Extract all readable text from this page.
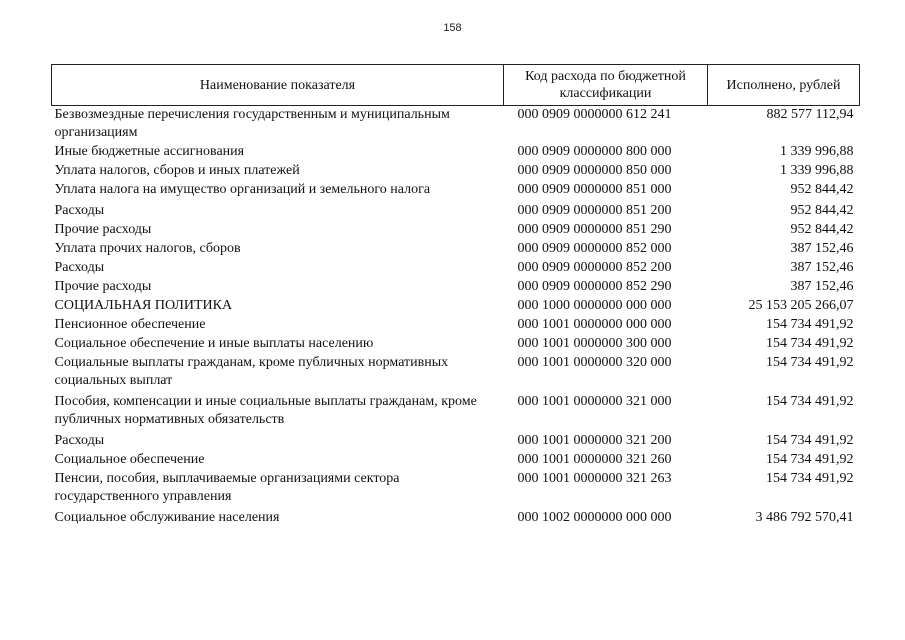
158
Наименование показателя	Код расхода по бюджетной классификации	Исполнено, рублей
Безвозмездные перечисления государственным и муниципальным организациям	000 0909 0000000 612 241	882 577 112,94
Иные бюджетные ассигнования	000 0909 0000000 800 000	1 339 996,88
Уплата налогов, сборов и иных платежей	000 0909 0000000 850 000	1 339 996,88
Уплата налога на имущество организаций и земельного налога	000 0909 0000000 851 000	952 844,42
Расходы	000 0909 0000000 851 200	952 844,42
Прочие расходы	000 0909 0000000 851 290	952 844,42
Уплата прочих налогов, сборов	000 0909 0000000 852 000	387 152,46
Расходы	000 0909 0000000 852 200	387 152,46
Прочие расходы	000 0909 0000000 852 290	387 152,46
СОЦИАЛЬНАЯ ПОЛИТИКА	000 1000 0000000 000 000	25 153 205 266,07
Пенсионное обеспечение	000 1001 0000000 000 000	154 734 491,92
Социальное обеспечение и иные выплаты населению	000 1001 0000000 300 000	154 734 491,92
Социальные выплаты гражданам, кроме публичных нормативных социальных выплат	000 1001 0000000 320 000	154 734 491,92
Пособия, компенсации и иные социальные выплаты гражданам, кроме публичных нормативных обязательств	000 1001 0000000 321 000	154 734 491,92
Расходы	000 1001 0000000 321 200	154 734 491,92
Социальное обеспечение	000 1001 0000000 321 260	154 734 491,92
Пенсии, пособия, выплачиваемые организациями сектора государственного управления	000 1001 0000000 321 263	154 734 491,92
Социальное обслуживание населения	000 1002 0000000 000 000	3 486 792 570,41
